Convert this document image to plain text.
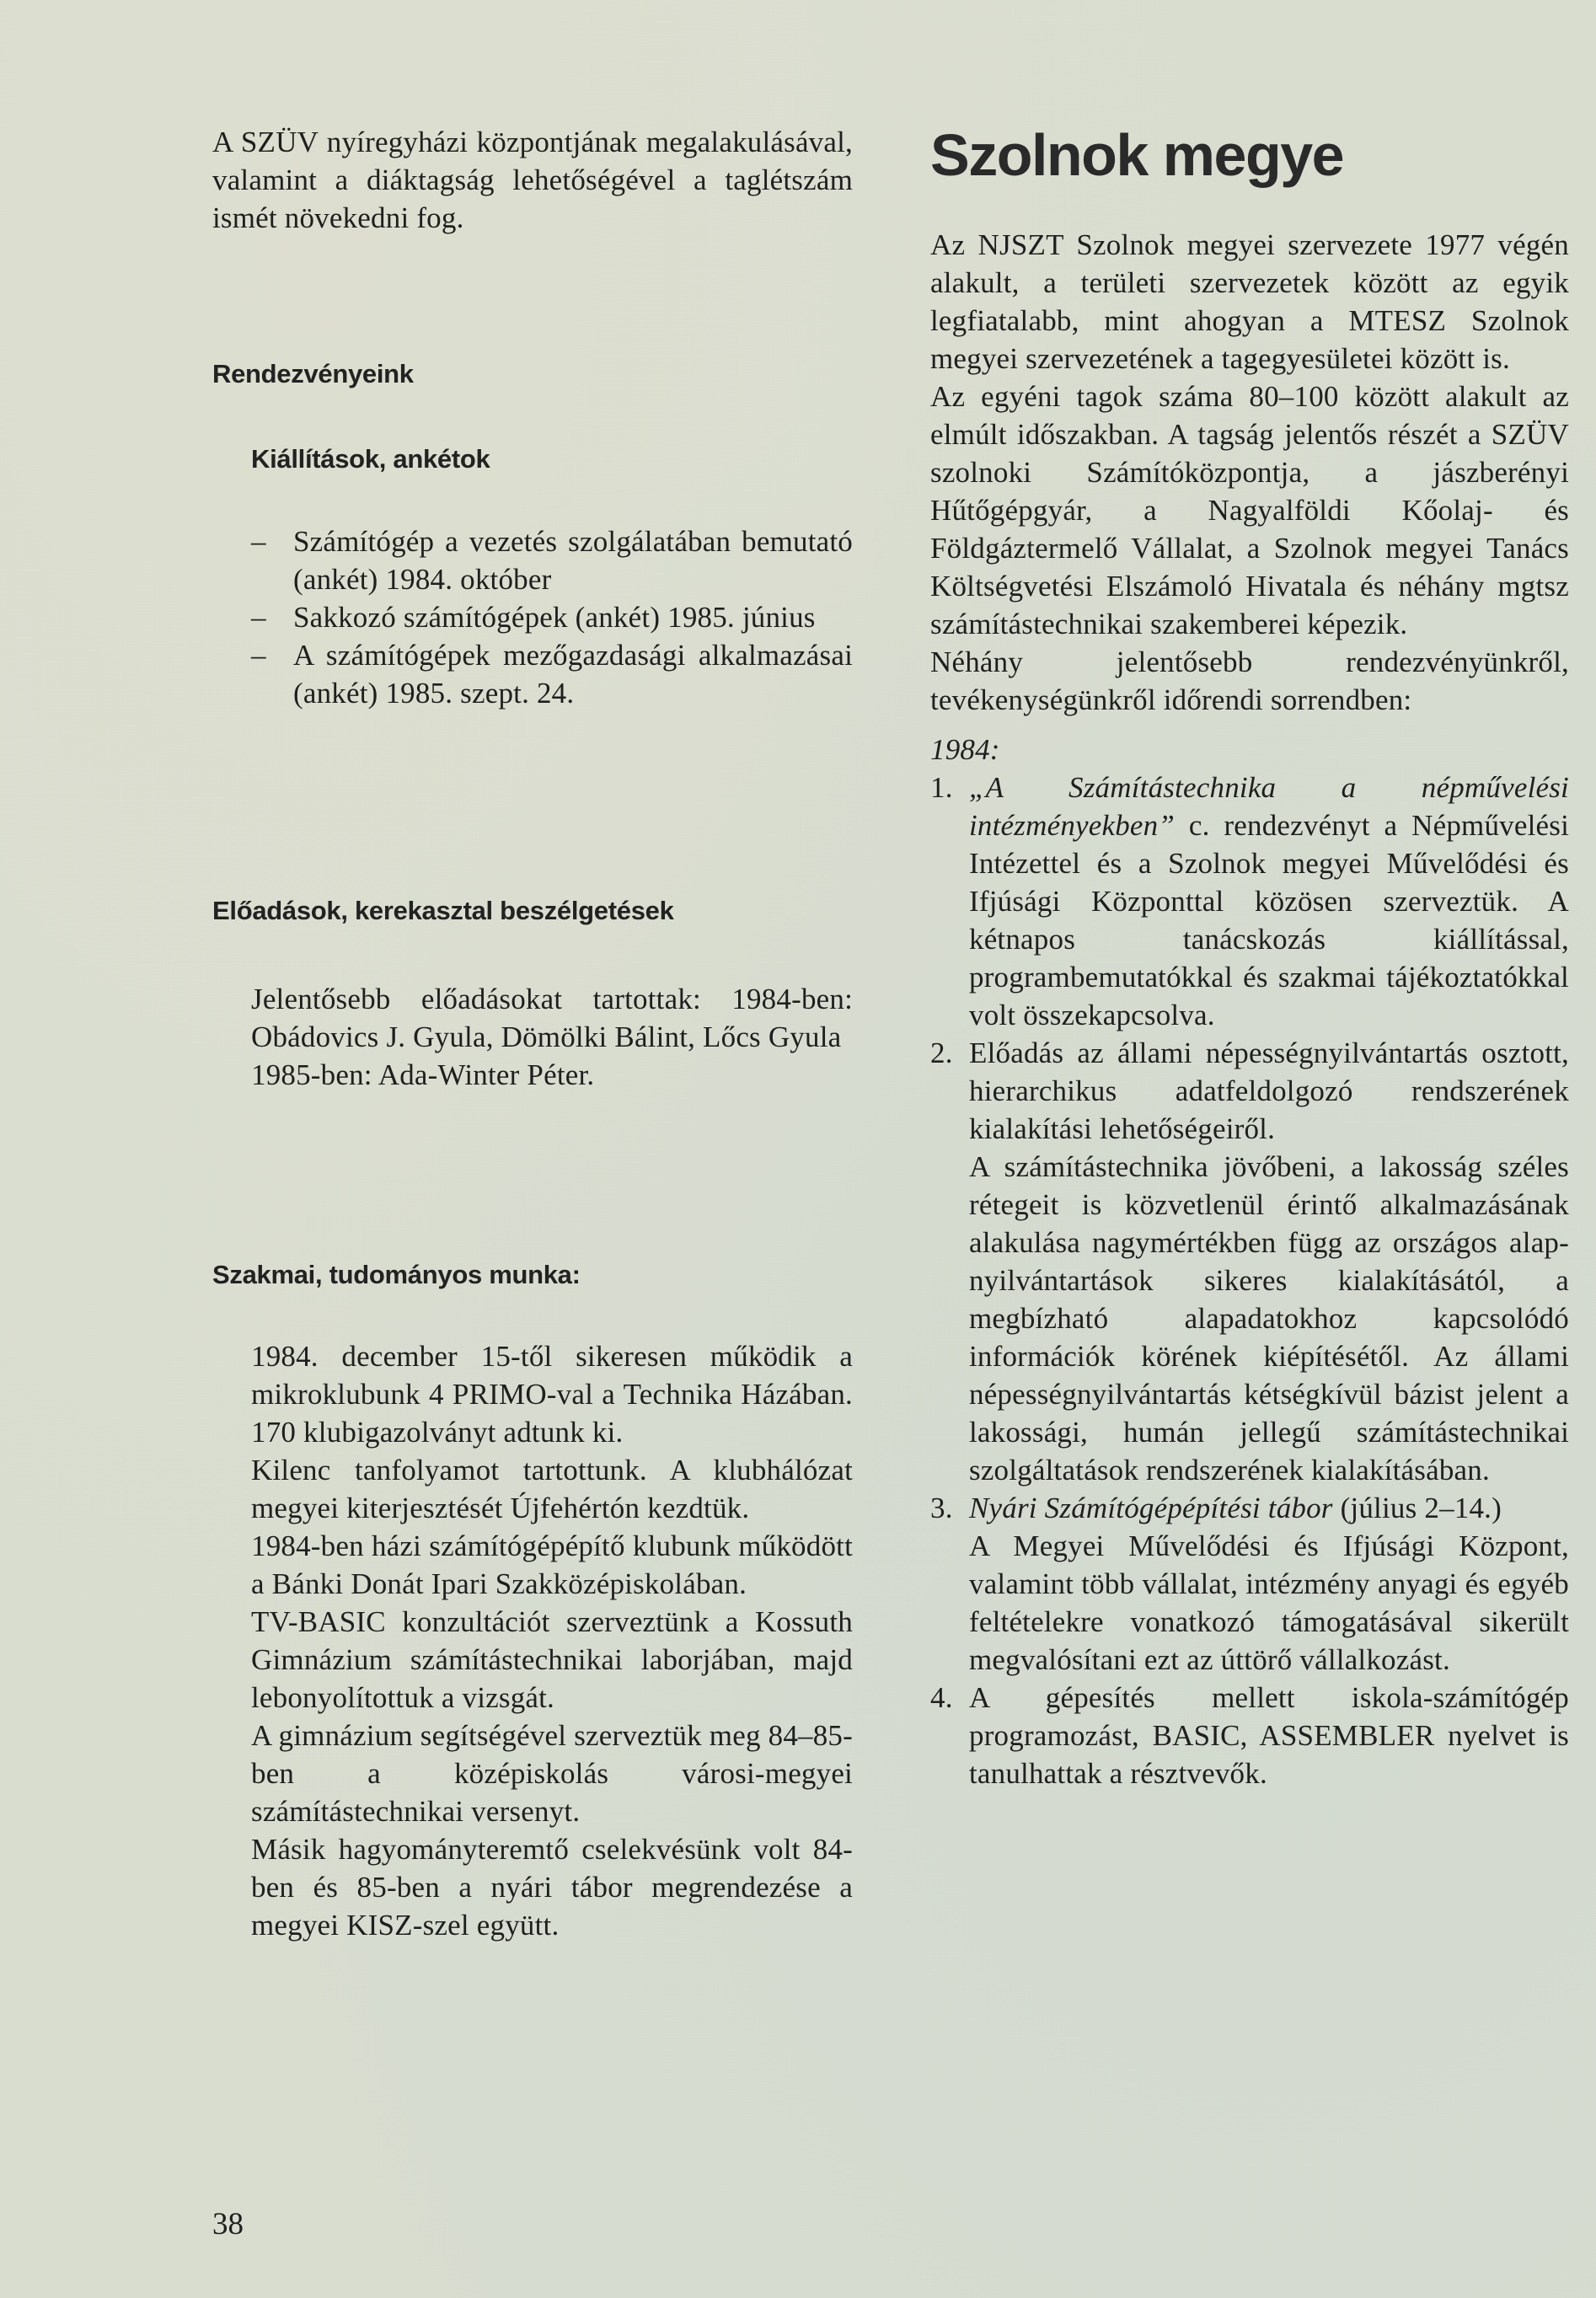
A SZÜV nyíregyházi központjának megalakulásával, valamint a diáktagság lehetőségével a taglétszám ismét növekedni fog.

Rendezvényeink
Kiállítások, ankétok
– Számítógép a vezetés szolgálatában bemutató (ankét) 1984. október

– Sakkozó számítógépek (ankét) 1985. június

– A számítógépek mezőgazdasági alkalmazásai (ankét) 1985. szept. 24.

Előadások, kerekasztal beszélgetések

Jelentősebb előadásokat tartottak: 1984-ben: Obádovics J. Gyula, Dömölki Bálint, Lőcs Gyula

1985-ben: Ada-Winter Péter.

Szakmai, tudományos munka:

1984. december 15-től sikeresen működik a mikroklubunk 4 PRIMO-val a Technika Házában. 170 klubigazolványt adtunk ki.

Kilenc tanfolyamot tartottunk. A klubhálózat megyei kiterjesztését Újfehértón kezdtük.

1984-ben házi számítógépépítő klubunk működött a Bánki Donát Ipari Szakközépiskolában.

TV-BASIC konzultációt szerveztünk a Kossuth Gimnázium számítástechnikai laborjában, majd lebonyolítottuk a vizsgát.

A gimnázium segítségével szerveztük meg 84–85-ben a középiskolás városi-megyei számítástechnikai versenyt.

Másik hagyományteremtő cselekvésünk volt 84-ben és 85-ben a nyári tábor megrendezése a megyei KISZ-szel együtt.

38
Szolnok megye

Az NJSZT Szolnok megyei szervezete 1977 végén alakult, a területi szervezetek között az egyik legfiatalabb, mint ahogyan a MTESZ Szolnok megyei szervezetének a tagegyesületei között is.

Az egyéni tagok száma 80–100 között alakult az elmúlt időszakban. A tagság jelentős részét a SZÜV szolnoki Számítóközpontja, a jászberényi Hűtőgépgyár, a Nagyalföldi Kőolaj- és Földgáztermelő Vállalat, a Szolnok megyei Tanács Költségvetési Elszámoló Hivatala és néhány mgtsz számítástechnikai szakemberei képezik.

Néhány jelentősebb rendezvényünkről, tevékenységünkről időrendi sorrendben:

1984:

1. „A Számítástechnika a népművelési intézményekben” c. rendezvényt a Népművelési Intézettel és a Szolnok megyei Művelődési és Ifjúsági Központtal közösen szerveztük. A kétnapos tanácskozás kiállítással, programbemutatókkal és szakmai tájékoztatókkal volt összekapcsolva.

2. Előadás az állami népességnyilvántartás osztott, hierarchikus adatfeldolgozó rendszerének kialakítási lehetőségeiről.

A számítástechnika jövőbeni, a lakosság széles rétegeit is közvetlenül érintő alkalmazásának alakulása nagymértékben függ az országos alap-nyilvántartások sikeres kialakításától, a megbízható alapadatokhoz kapcsolódó információk körének kiépítésétől. Az állami népességnyilvántartás kétségkívül bázist jelent a lakossági, humán jellegű számítástechnikai szolgáltatások rendszerének kialakításában.

3. Nyári Számítógépépítési tábor (július 2–14.)

A Megyei Művelődési és Ifjúsági Központ, valamint több vállalat, intézmény anyagi és egyéb feltételekre vonatkozó támogatásával sikerült megvalósítani ezt az úttörő vállalkozást.

4. A gépesítés mellett iskola-számítógép programozást, BASIC, ASSEMBLER nyelvet is tanulhattak a résztvevők.
